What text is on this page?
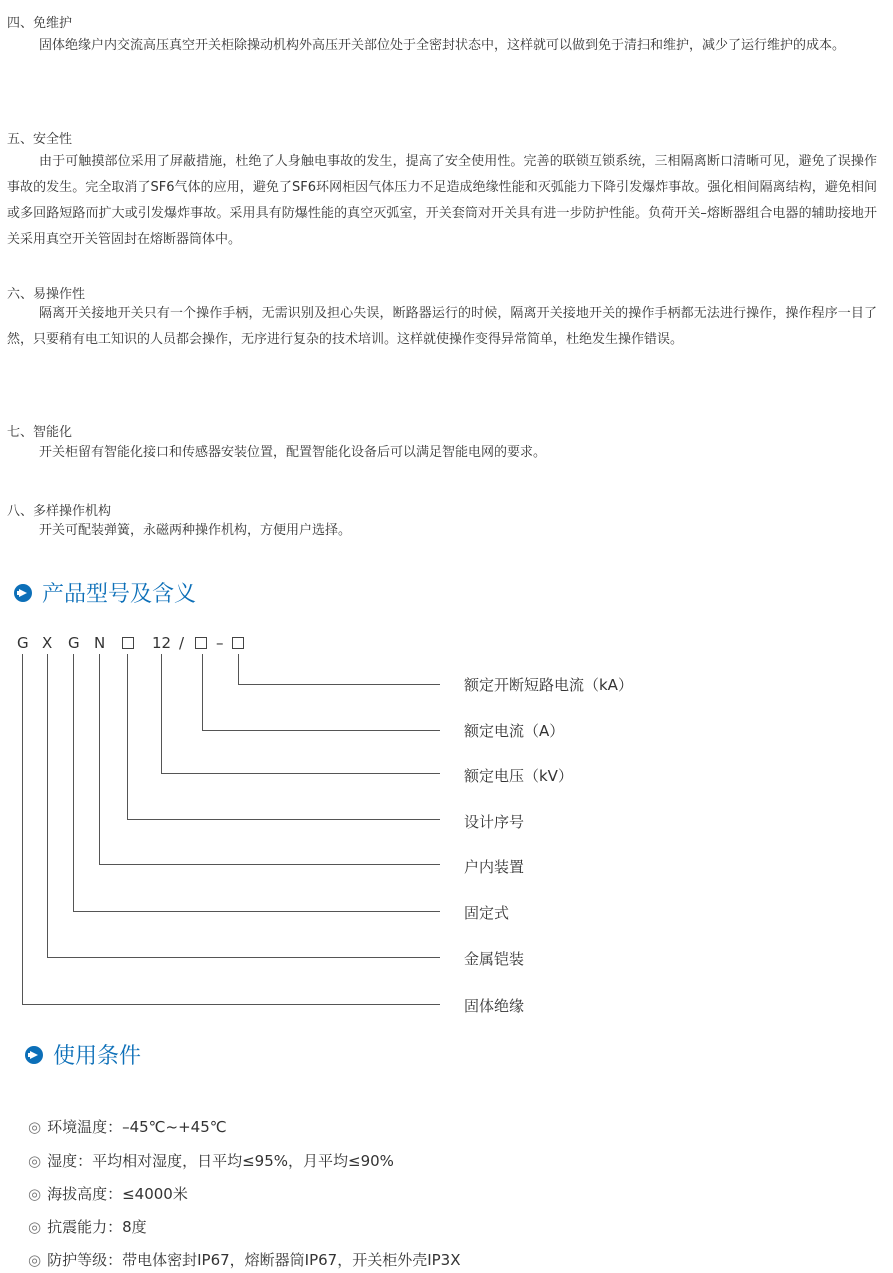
四、免维护
固体绝缘户内交流高压真空开关柜除操动机构外高压开关部位处于全密封状态中，这样就可以做到免于清扫和维护，减少了运行维护的成本。
五、安全性
由于可触摸部位采用了屏蔽措施，杜绝了人身触电事故的发生，提高了安全使用性。完善的联锁互锁系统，三相隔离断口清晰可见，避免了误操作事故的发生。完全取消了SF6气体的应用，避免了SF6环网柜因气体压力不足造成绝缘性能和灭弧能力下降引发爆炸事故。强化相间隔离结构，避免相间或多回路短路而扩大或引发爆炸事故。采用具有防爆性能的真空灭弧室，开关套筒对开关具有进一步防护性能。负荷开关–熔断器组合电器的辅助接地开关采用真空开关管固封在熔断器筒体中。
六、易操作性
隔离开关接地开关只有一个操作手柄，无需识别及担心失误，断路器运行的时候，隔离开关接地开关的操作手柄都无法进行操作，操作程序一目了然，只要稍有电工知识的人员都会操作，无序进行复杂的技术培训。这样就使操作变得异常简单，杜绝发生操作错误。
七、智能化
开关柜留有智能化接口和传感器安装位置，配置智能化设备后可以满足智能电网的要求。
八、多样操作机构
开关可配装弹簧，永磁两种操作机构，方便用户选择。
产品型号及含义
G X G N	12 / –
额定开断短路电流（kA）
额定电流（A）
额定电压（kV）
设计序号
户内装置
固定式
金属铠装
固体绝缘
使用条件
◎ 环境温度：–45℃~+45℃
◎ 湿度：平均相对湿度，日平均≤95%，月平均≤90%
◎ 海拔高度：≤4000米
◎ 抗震能力：8度
◎ 防护等级：带电体密封IP67，熔断器筒IP67，开关柜外壳IP3X
